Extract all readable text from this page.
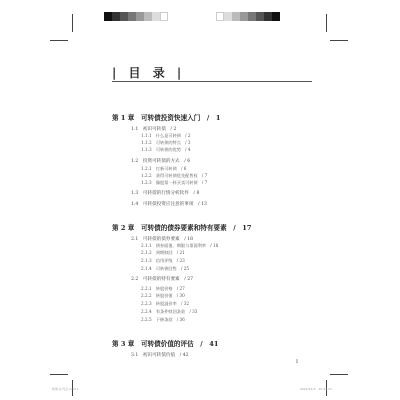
| 目 录 |
第 1 章　可转债投资快速入门　/　1
1.1　初识可转债　/ 2
1.1.1　什么是可转债　/ 2
1.1.2　可转债的特点　/ 3
1.1.3　可转债的优势　/ 4
1.2　投资可转债的方式　/ 6
1.2.1　打新可转债　/ 6
1.2.2　获得可转债优先配售权　/ 7
1.2.3　像股票一样买卖可转债　/ 7
1.3　可转债的行情分析软件　/ 8
1.4　可转债投资应注意的事项　/ 13
第 2 章　可转债的债券要素和特有要素　/　17
2.1　可转债的债券要素　/ 18
2.1.1　债券面值、期限与票面利率　/ 18
2.1.2　到期赎回　/ 21
2.1.3　信用评级　/ 23
2.1.4　可转债回售　/ 25
2.2　可转债的特有要素　/ 27
2.2.1　转股价格　/ 27
2.2.2　转股价值　/ 30
2.2.3　转股溢价率　/ 32
2.2.4　有条件赎回条款　/ 33
2.2.5　下修条款　/ 36
第 3 章　可转债价值的评估　/　41
3.1　初识可转债价值　/ 42
I
转债书-内文.indd 1	2021/11/3　10:43:11
